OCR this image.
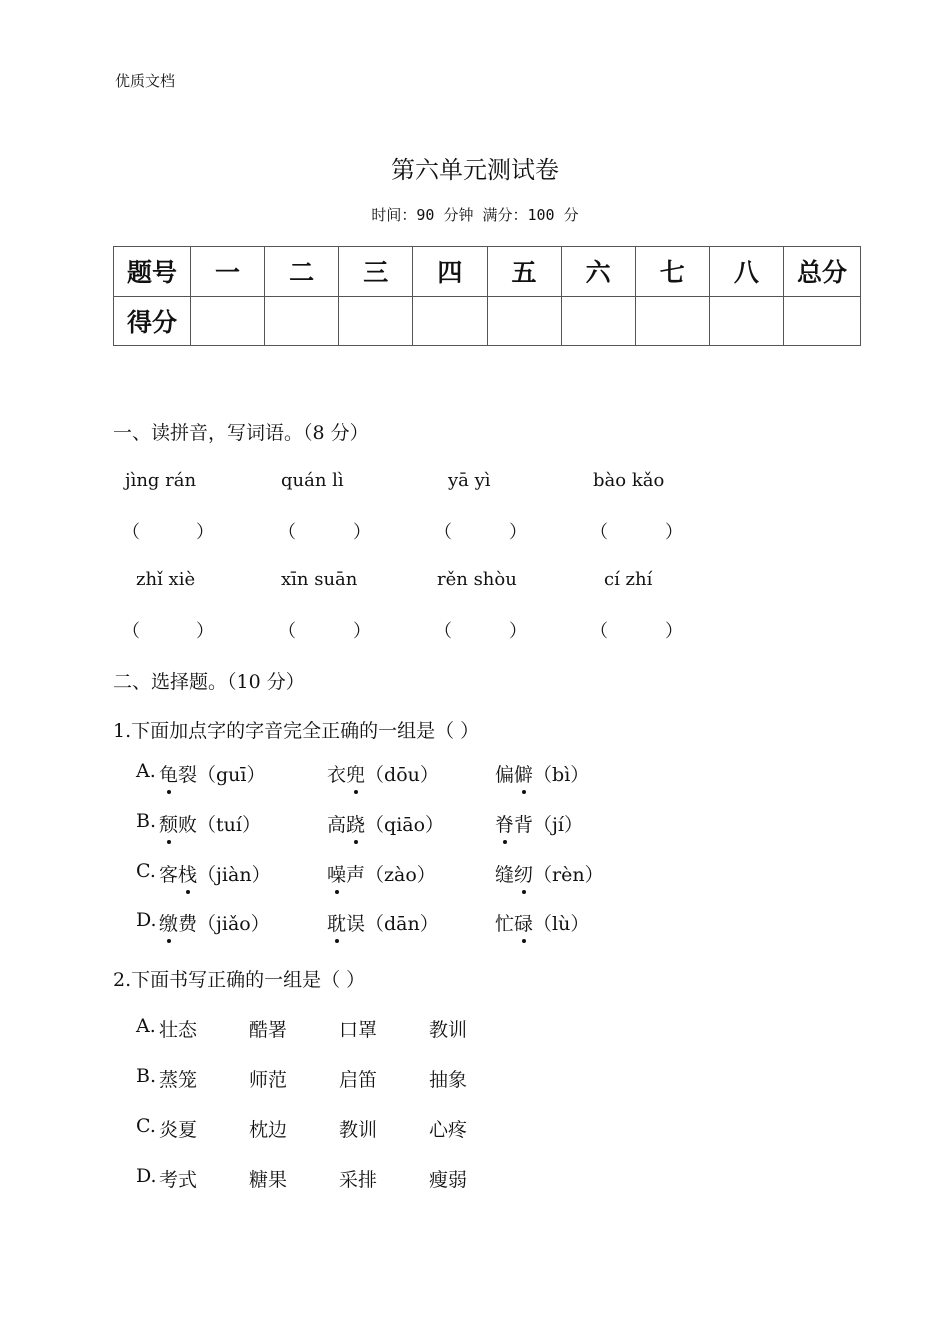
优质文档
第六单元测试卷
时间：90 分钟 满分：100 分
题号	一	二	三	四	五	六	七	八	总分
得分									
一、读拼音，写词语。（8 分）
jìng rán	quán lì	yā yì	bào kǎo
（	）	（	）	（	）	（	）
zhǐ xiè	xīn suān	rěn shòu	cí zhí
（	）	（	）	（	）	（	）
二、选择题。（10 分）
1.下面加点字的字音完全正确的一组是（ ）
A. 龟裂（guī）	衣兜（dōu）	偏僻（bì）
B. 颓败（tuí）	高跷（qiāo）	脊背（jí）
C. 客栈（jiàn）	噪声（zào）	缝纫（rèn）
D. 缴费（jiǎo）	耽误（dān）	忙碌（lù）
2.下面书写正确的一组是（ ）
A. 壮态	酷署	口罩	教训
B. 蒸笼	师范	启笛	抽象
C. 炎夏	枕边	教训	心疼
D. 考式	糖果	采排	瘦弱
